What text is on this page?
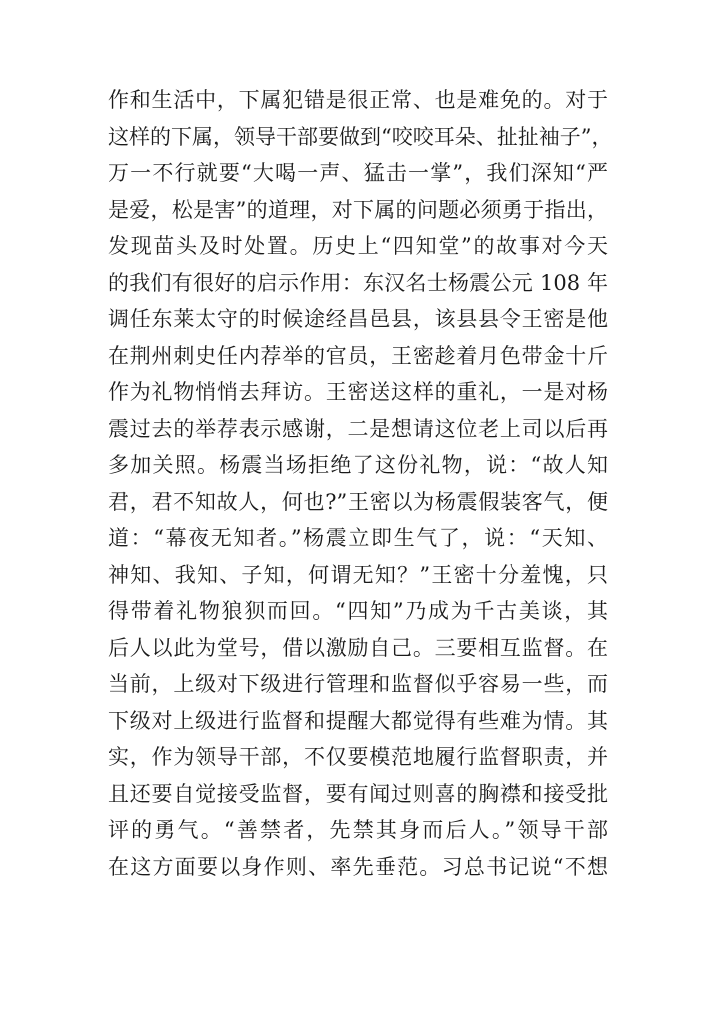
作和生活中，下属犯错是很正常、也是难免的。对于
这样的下属，领导干部要做到“咬咬耳朵、扯扯袖子”，
万一不行就要“大喝一声、猛击一掌”，我们深知“严
是爱，松是害”的道理，对下属的问题必须勇于指出，
发现苗头及时处置。历史上“四知堂”的故事对今天
的我们有很好的启示作用：东汉名士杨震公元 108 年
调任东莱太守的时候途经昌邑县，该县县令王密是他
在荆州刺史任内荐举的官员，王密趁着月色带金十斤
作为礼物悄悄去拜访。王密送这样的重礼，一是对杨
震过去的举荐表示感谢，二是想请这位老上司以后再
多加关照。杨震当场拒绝了这份礼物，说：“故人知
君，君不知故人，何也?”王密以为杨震假装客气，便
道：“幕夜无知者。”杨震立即生气了，说：“天知、
神知、我知、子知，何谓无知？”王密十分羞愧，只
得带着礼物狼狈而回。“四知”乃成为千古美谈，其
后人以此为堂号，借以激励自己。三要相互监督。在
当前，上级对下级进行管理和监督似乎容易一些，而
下级对上级进行监督和提醒大都觉得有些难为情。其
实，作为领导干部，不仅要模范地履行监督职责，并
且还要自觉接受监督，要有闻过则喜的胸襟和接受批
评的勇气。“善禁者，先禁其身而后人。”领导干部
在这方面要以身作则、率先垂范。习总书记说“不想
